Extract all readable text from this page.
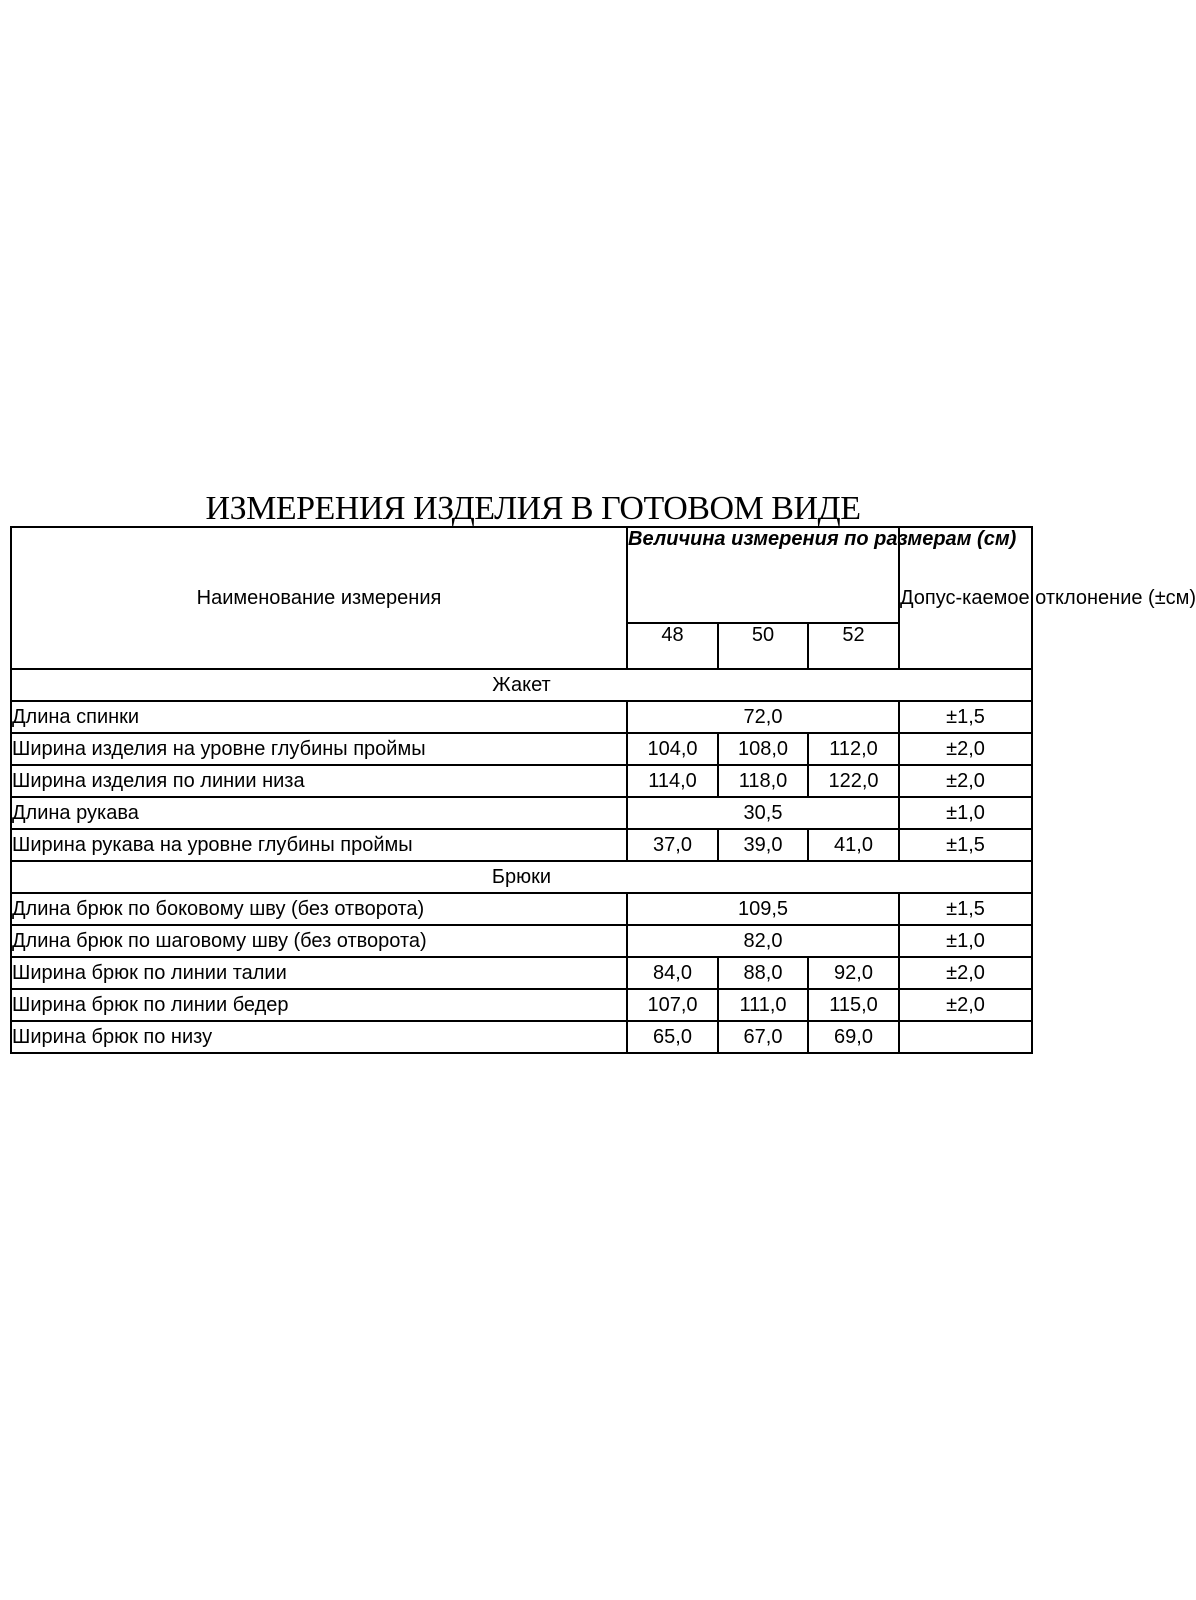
ИЗМЕРЕНИЯ ИЗДЕЛИЯ В ГОТОВОМ ВИДЕ
Наименование измерения	Величина измерения по размерам (см)			Допус-каемое отклонение (±см)
	48	50	52	
Жакет				
Длина спинки	72,0			±1,5
Ширина изделия на уровне глубины проймы	104,0	108,0	112,0	±2,0
Ширина изделия по линии низа	114,0	118,0	122,0	±2,0
Длина рукава	30,5			±1,0
Ширина рукава на уровне глубины проймы	37,0	39,0	41,0	±1,5
Брюки				
Длина брюк по боковому шву (без отворота)	109,5			±1,5
Длина брюк по шаговому шву (без отворота)	82,0			±1,0
Ширина брюк по линии талии	84,0	88,0	92,0	±2,0
Ширина брюк по линии бедер	107,0	111,0	115,0	±2,0
Ширина брюк по низу	65,0	67,0	69,0	
